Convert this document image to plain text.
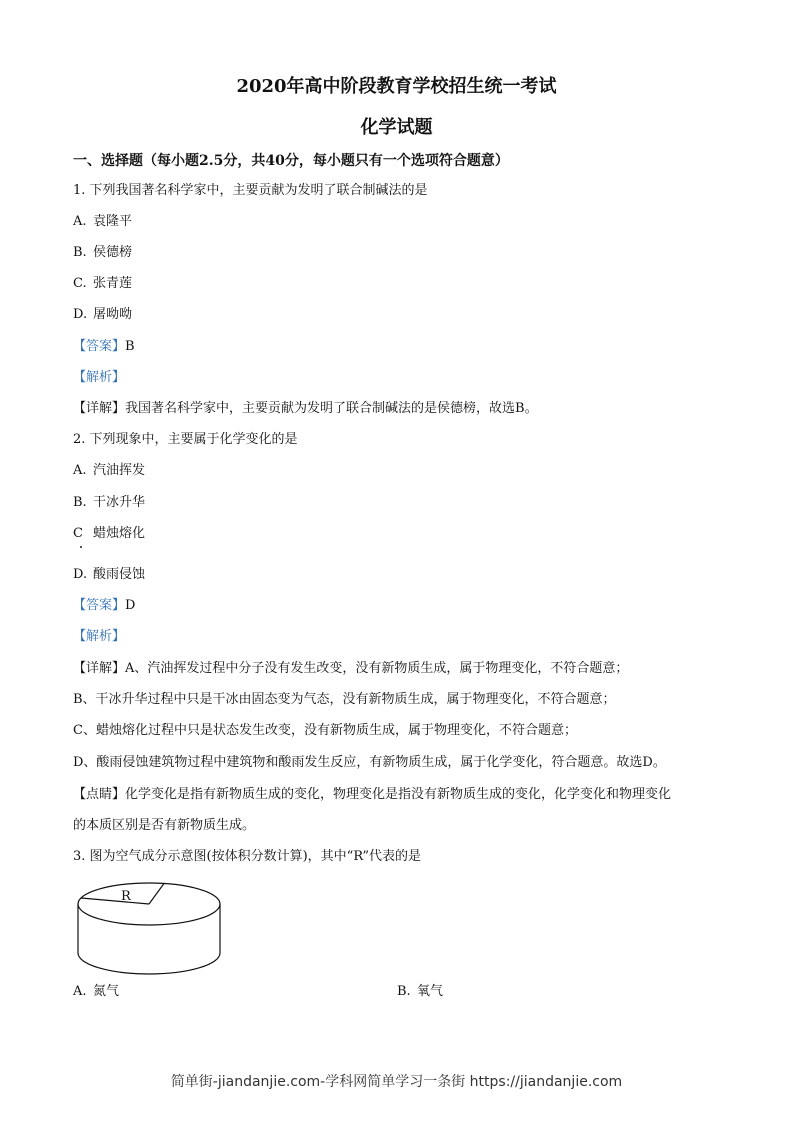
2020年高中阶段教育学校招生统一考试
化学试题
一、选择题（每小题2.5分，共40分，每小题只有一个选项符合题意）
1. 下列我国著名科学家中，主要贡献为发明了联合制碱法的是
A. 袁隆平
B. 侯德榜
C. 张青莲
D. 屠呦呦
【答案】B
【解析】
【详解】我国著名科学家中，主要贡献为发明了联合制碱法的是侯德榜，故选B。
2. 下列现象中，主要属于化学变化的是
A. 汽油挥发
B. 干冰升华
C 蜡烛熔化
D. 酸雨侵蚀
【答案】D
【解析】
【详解】A、汽油挥发过程中分子没有发生改变，没有新物质生成，属于物理变化，不符合题意；
B、干冰升华过程中只是干冰由固态变为气态，没有新物质生成，属于物理变化，不符合题意；
C、蜡烛熔化过程中只是状态发生改变，没有新物质生成，属于物理变化，不符合题意；
D、酸雨侵蚀建筑物过程中建筑物和酸雨发生反应，有新物质生成，属于化学变化，符合题意。故选D。
【点睛】化学变化是指有新物质生成的变化，物理变化是指没有新物质生成的变化，化学变化和物理变化
的本质区别是否有新物质生成。
3. 图为空气成分示意图(按体积分数计算)，其中“R”代表的是
R
A. 氮气	B. 氧气
简单街-jiandanjie.com-学科网简单学习一条街 https://jiandanjie.com
